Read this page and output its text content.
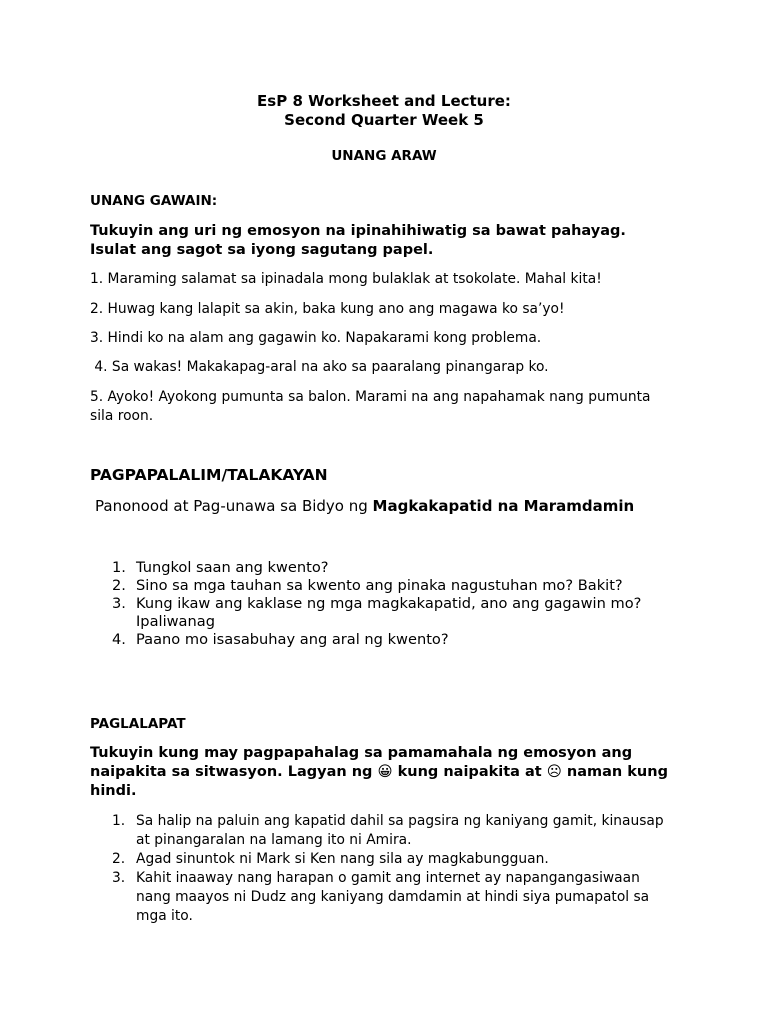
EsP 8 Worksheet and Lecture:
Second Quarter Week 5
UNANG ARAW
UNANG GAWAIN:
Tukuyin ang uri ng emosyon na ipinahihiwatig sa bawat pahayag. Isulat ang sagot sa iyong sagutang papel.
1. Maraming salamat sa ipinadala mong bulaklak at tsokolate. Mahal kita!
2. Huwag kang lalapit sa akin, baka kung ano ang magawa ko sa’yo!
3. Hindi ko na alam ang gagawin ko. Napakarami kong problema.
4. Sa wakas! Makakapag-aral na ako sa paaralang pinangarap ko.
5. Ayoko! Ayokong pumunta sa balon. Marami na ang napahamak nang pumunta sila roon.
PAGPAPALALIM/TALAKAYAN
Panonood at Pag-unawa sa Bidyo ng Magkakapatid na Maramdamin
1. Tungkol saan ang kwento?
2. Sino sa mga tauhan sa kwento ang pinaka nagustuhan mo? Bakit?
3. Kung ikaw ang kaklase ng mga magkakapatid, ano ang gagawin mo? Ipaliwanag
4. Paano mo isasabuhay ang aral ng kwento?
PAGLALAPAT
Tukuyin kung may pagpapahalag sa pamamahala ng emosyon ang naipakita sa sitwasyon. Lagyan ng 😀 kung naipakita at ☹ naman kung hindi.
1. Sa halip na paluin ang kapatid dahil sa pagsira ng kaniyang gamit, kinausap at pinangaralan na lamang ito ni Amira.
2. Agad sinuntok ni Mark si Ken nang sila ay magkabungguan.
3. Kahit inaaway nang harapan o gamit ang internet ay napangangasiwaan nang maayos ni Dudz ang kaniyang damdamin at hindi siya pumapatol sa mga ito.
